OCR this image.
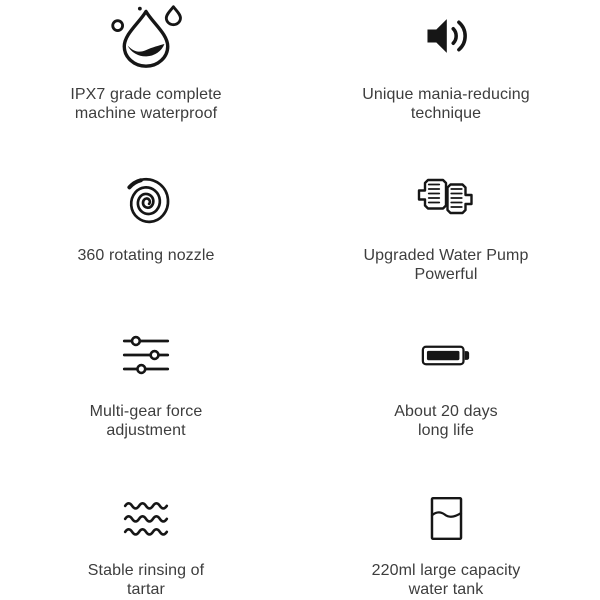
IPX7 grade complete
machine waterproof
Unique mania-reducing
technique
360 rotating nozzle	Upgraded Water Pump
Powerful
Multi-gear force
adjustment
About 20 days
long life
Stable rinsing of
tartar
220ml large capacity
water tank
